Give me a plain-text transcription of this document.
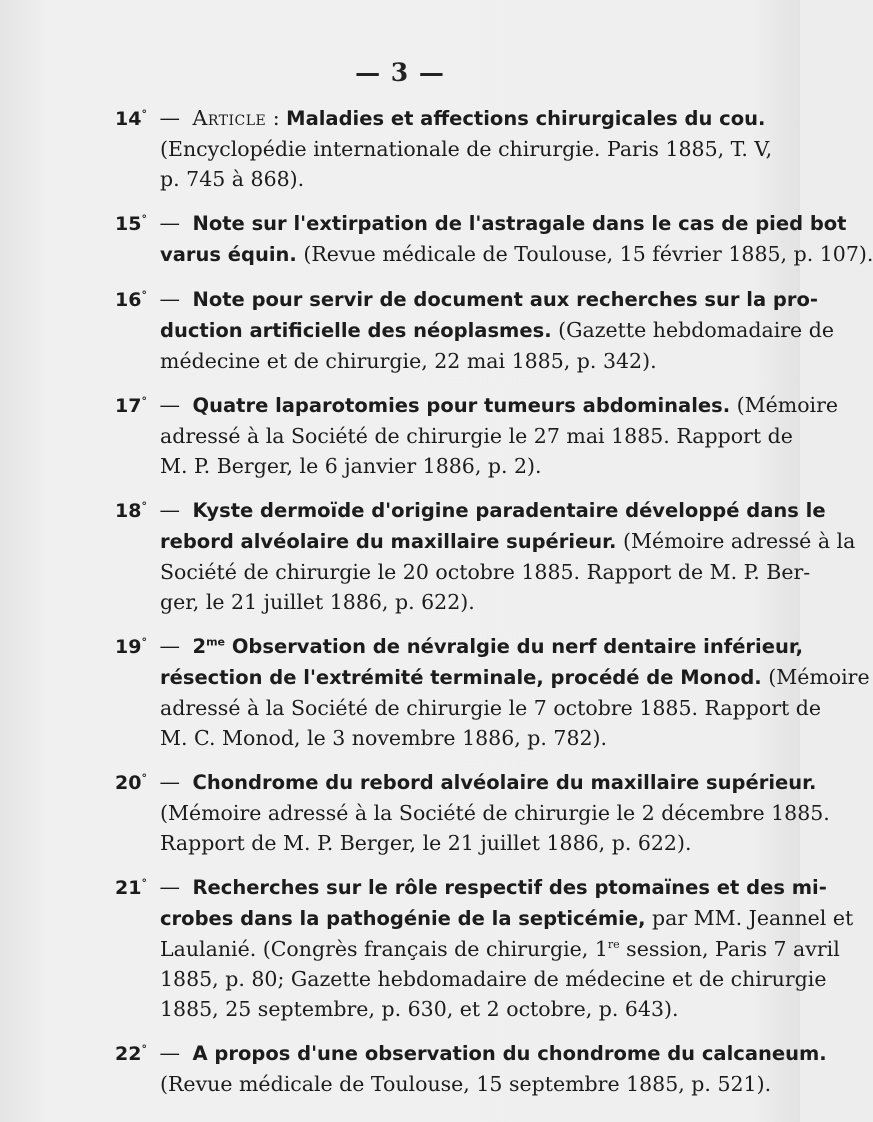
— 3 —
14° — Article : Maladies et affections chirurgicales du cou.
(Encyclopédie internationale de chirurgie. Paris 1885, T. V,
p. 745 à 868).
15° — Note sur l'extirpation de l'astragale dans le cas de pied bot
varus équin. (Revue médicale de Toulouse, 15 février 1885, p. 107).
16° — Note pour servir de document aux recherches sur la pro-
duction artificielle des néoplasmes. (Gazette hebdomadaire de
médecine et de chirurgie, 22 mai 1885, p. 342).
17° — Quatre laparotomies pour tumeurs abdominales. (Mémoire
adressé à la Société de chirurgie le 27 mai 1885. Rapport de
M. P. Berger, le 6 janvier 1886, p. 2).
18° — Kyste dermoïde d'origine paradentaire développé dans le
rebord alvéolaire du maxillaire supérieur. (Mémoire adressé à la
Société de chirurgie le 20 octobre 1885. Rapport de M. P. Ber-
ger, le 21 juillet 1886, p. 622).
19° — $2^{me}$ Observation de névralgie du nerf dentaire inférieur,
résection de l'extrémité terminale, procédé de Monod. (Mémoire
adressé à la Société de chirurgie le 7 octobre 1885. Rapport de
M. C. Monod, le 3 novembre 1886, p. 782).
20° — Chondrome du rebord alvéolaire du maxillaire supérieur.
(Mémoire adressé à la Société de chirurgie le 2 décembre 1885.
Rapport de M. P. Berger, le 21 juillet 1886, p. 622).
21° — Recherches sur le rôle respectif des ptomaïnes et des mi-
crobes dans la pathogénie de la septicémie, par MM. Jeannel et
Laulanié. (Congrès français de chirurgie, 1re session, Paris 7 avril
1885, p. 80; Gazette hebdomadaire de médecine et de chirurgie
1885, 25 septembre, p. 630, et 2 octobre, p. 643).
22° — A propos d'une observation du chondrome du calcaneum.
(Revue médicale de Toulouse, 15 septembre 1885, p. 521).
